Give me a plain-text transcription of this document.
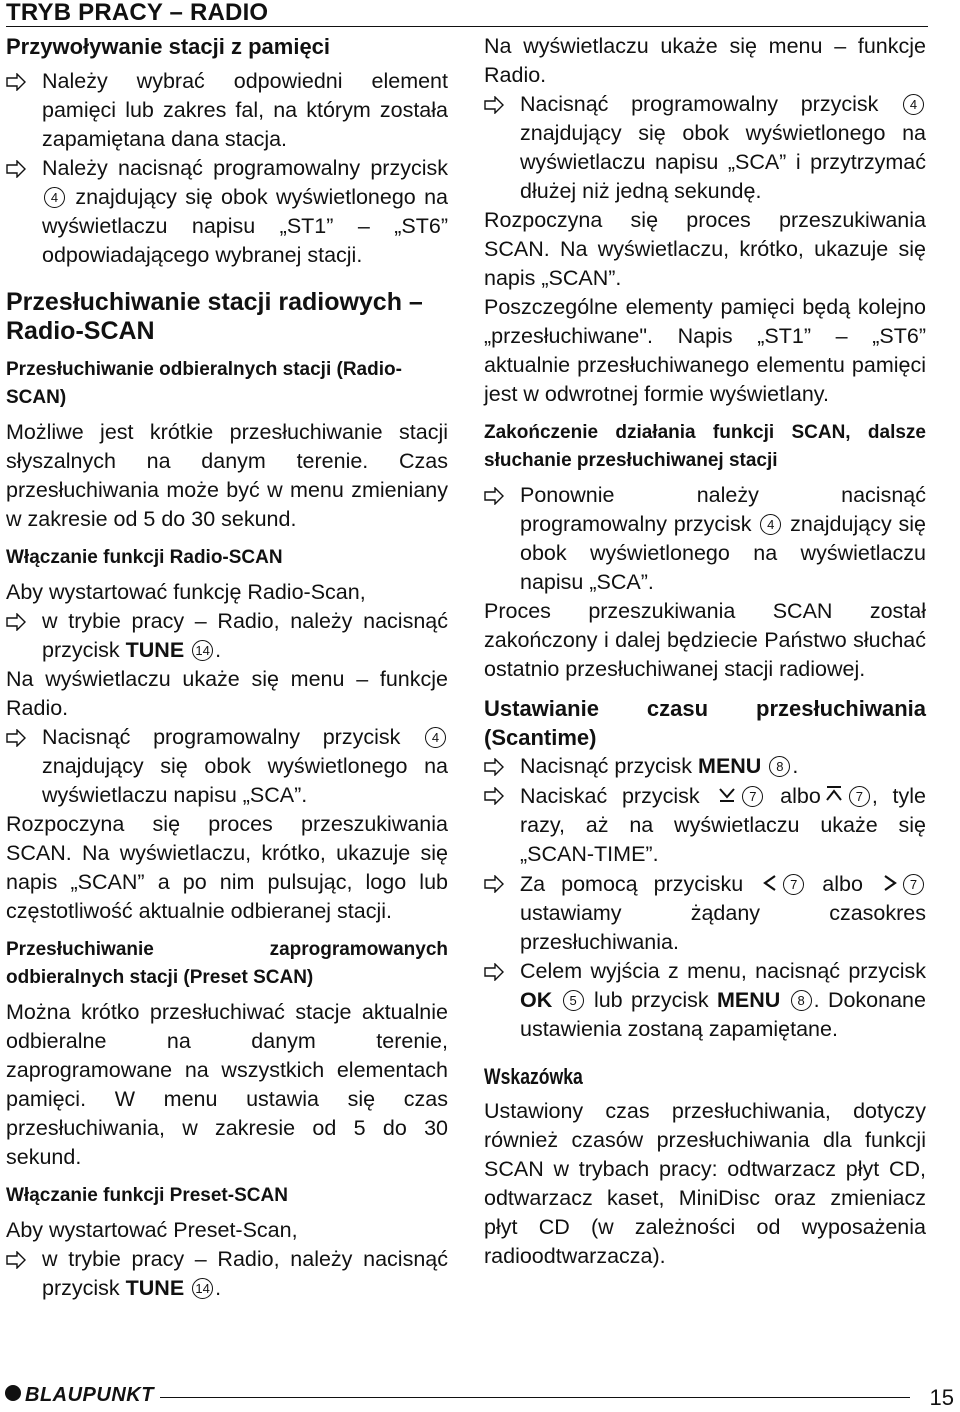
TRYB PRACY – RADIO
Przywoływanie stacji z pamięci
Należy wybrać odpowiedni element pamięci lub zakres fal, na którym została zapamiętana dana stacja.
Należy nacisnąć programowalny przycisk 4 znajdujący się obok wyświetlonego na wyświetlaczu napisu „ST1” – „ST6” odpowiadającego wybranej stacji.
Przesłuchiwanie stacji radiowych – Radio-SCAN
Przesłuchiwanie odbieralnych stacji (Radio-SCAN)
Możliwe jest krótkie przesłuchiwanie stacji słyszalnych na danym terenie. Czas przesłuchiwania może być w menu zmieniany w zakresie od 5 do 30 sekund.
Włączanie funkcji Radio-SCAN
Aby wystartować funkcję Radio-Scan,
w trybie pracy – Radio, należy nacisnąć przycisk TUNE 14 .
Na wyświetlaczu ukaże się menu – funkcje Radio.
Nacisnąć programowalny przycisk 4 znajdujący się obok wyświetlonego na wyświetlaczu napisu „SCA”.
Rozpoczyna się proces przeszukiwania SCAN. Na wyświetlaczu, krótko, ukazuje się napis „SCAN” a po nim pulsując, logo lub częstotliwość aktualnie odbieranej stacji.
Przesłuchiwanie zaprogramowanych odbieralnych stacji (Preset SCAN)
Można krótko przesłuchiwać stacje aktualnie odbieralne na danym terenie, zaprogramowane na wszystkich elementach pamięci. W menu ustawia się czas przesłuchiwania, w zakresie od 5 do 30 sekund.
Włączanie funkcji Preset-SCAN
Aby wystartować Preset-Scan,
w trybie pracy – Radio, należy nacisnąć przycisk TUNE 14 .
Na wyświetlaczu ukaże się menu – funkcje Radio.
Nacisnąć programowalny przycisk 4 znajdujący się obok wyświetlonego na wyświetlaczu napisu „SCA” i przytrzymać dłużej niż jedną sekundę.
Rozpoczyna się proces przeszukiwania SCAN. Na wyświetlaczu, krótko, ukazuje się napis „SCAN”.
Poszczególne elementy pamięci będą kolejno „przesłuchiwane". Napis „ST1” – „ST6” aktualnie przesłuchiwanego elementu pamięci jest w odwrotnej formie wyświetlany.
Zakończenie działania funkcji SCAN, dalsze słuchanie przesłuchiwanej stacji
Ponownie należy nacisnąć programowalny przycisk 4 znajdujący się obok wyświetlonego na wyświetlaczu napisu „SCA”.
Proces przeszukiwania SCAN został zakończony i dalej będziecie Państwo słuchać ostatnio przesłuchiwanej stacji radiowej.
Ustawianie czasu przesłuchiwania (Scantime)
Nacisnąć przycisk MENU 8 .
Naciskać przycisk	7 albo	7 , tyle razy, aż na wyświetlaczu ukaże się „SCAN-TIME”.
Za pomocą przycisku	7 albo	7 ustawiamy żądany czasokres przesłuchiwania.
Celem wyjścia z menu, nacisnąć przycisk OK 5 lub przycisk MENU 8 . Dokonane ustawienia zostaną zapamiętane.
Wskazówka
Ustawiony czas przesłuchiwania, dotyczy również czasów przesłuchiwania dla funkcji SCAN w trybach pracy: odtwarzacz płyt CD, odtwarzacz kaset, MiniDisc oraz zmieniacz płyt CD (w zależności od wyposażenia radioodtwarzacza).
BLAUPUNKT	15
